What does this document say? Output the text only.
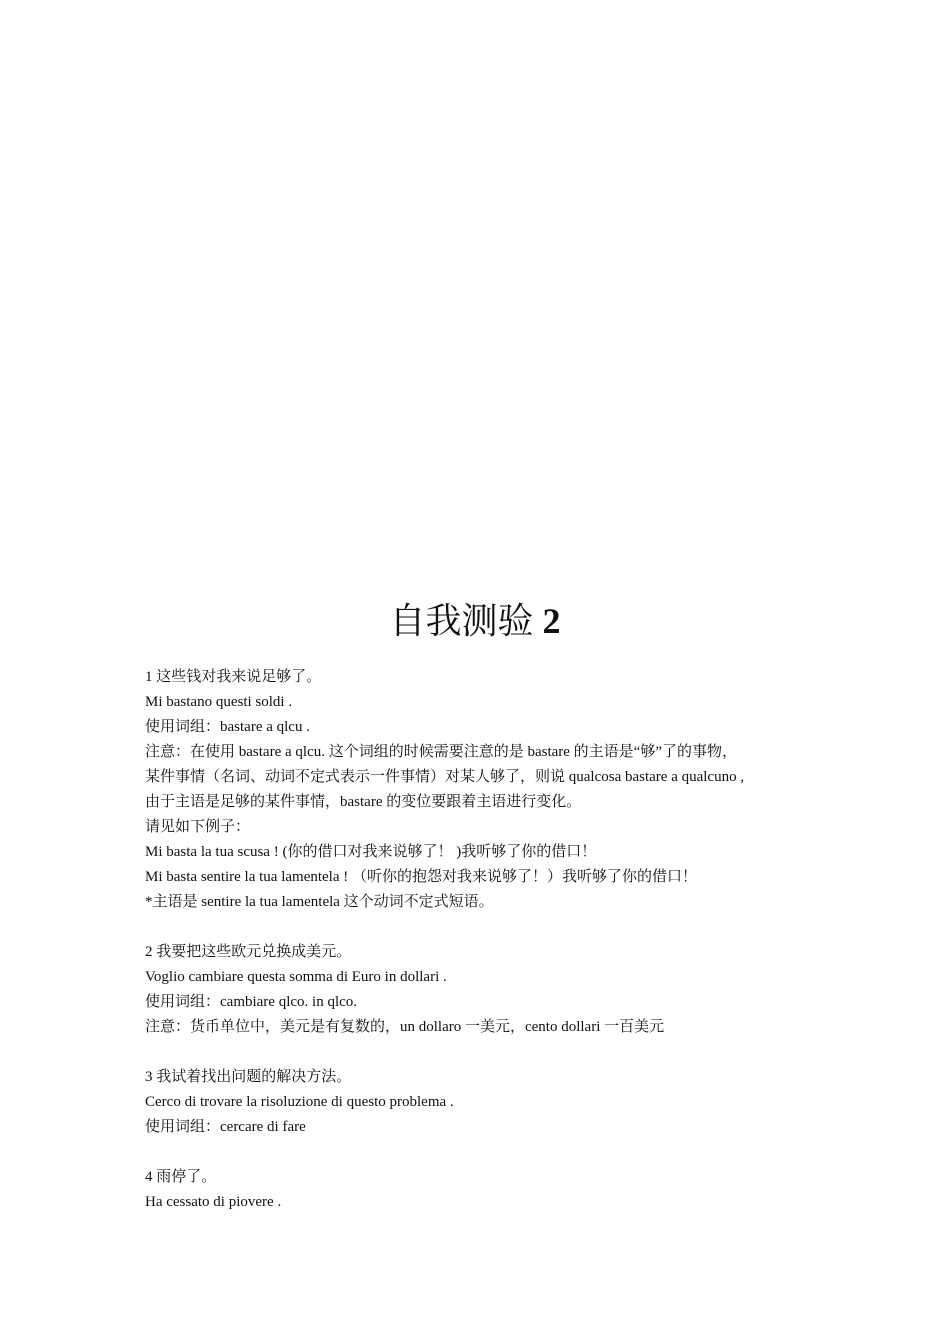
自我测验 2
1 这些钱对我来说足够了。
Mi bastano questi soldi .
使用词组：bastare a qlcu .
注意：在使用 bastare a qlcu. 这个词组的时候需要注意的是 bastare 的主语是“够”了的事物，
某件事情（名词、动词不定式表示一件事情）对某人够了，则说 qualcosa bastare a qualcuno ,
由于主语是足够的某件事情，bastare 的变位要跟着主语进行变化。
请见如下例子：
Mi basta la tua scusa ! (你的借口对我来说够了！ )我听够了你的借口！
Mi basta sentire la tua lamentela ! （听你的抱怨对我来说够了！）我听够了你的借口！
*主语是 sentire la tua lamentela 这个动词不定式短语。
2 我要把这些欧元兑换成美元。
Voglio cambiare questa somma di Euro in dollari .
使用词组：cambiare qlco. in qlco.
注意：货币单位中，美元是有复数的，un dollaro 一美元，cento dollari 一百美元
3 我试着找出问题的解决方法。
Cerco di trovare la risoluzione di questo problema .
使用词组：cercare di fare
4 雨停了。
Ha cessato di piovere .
